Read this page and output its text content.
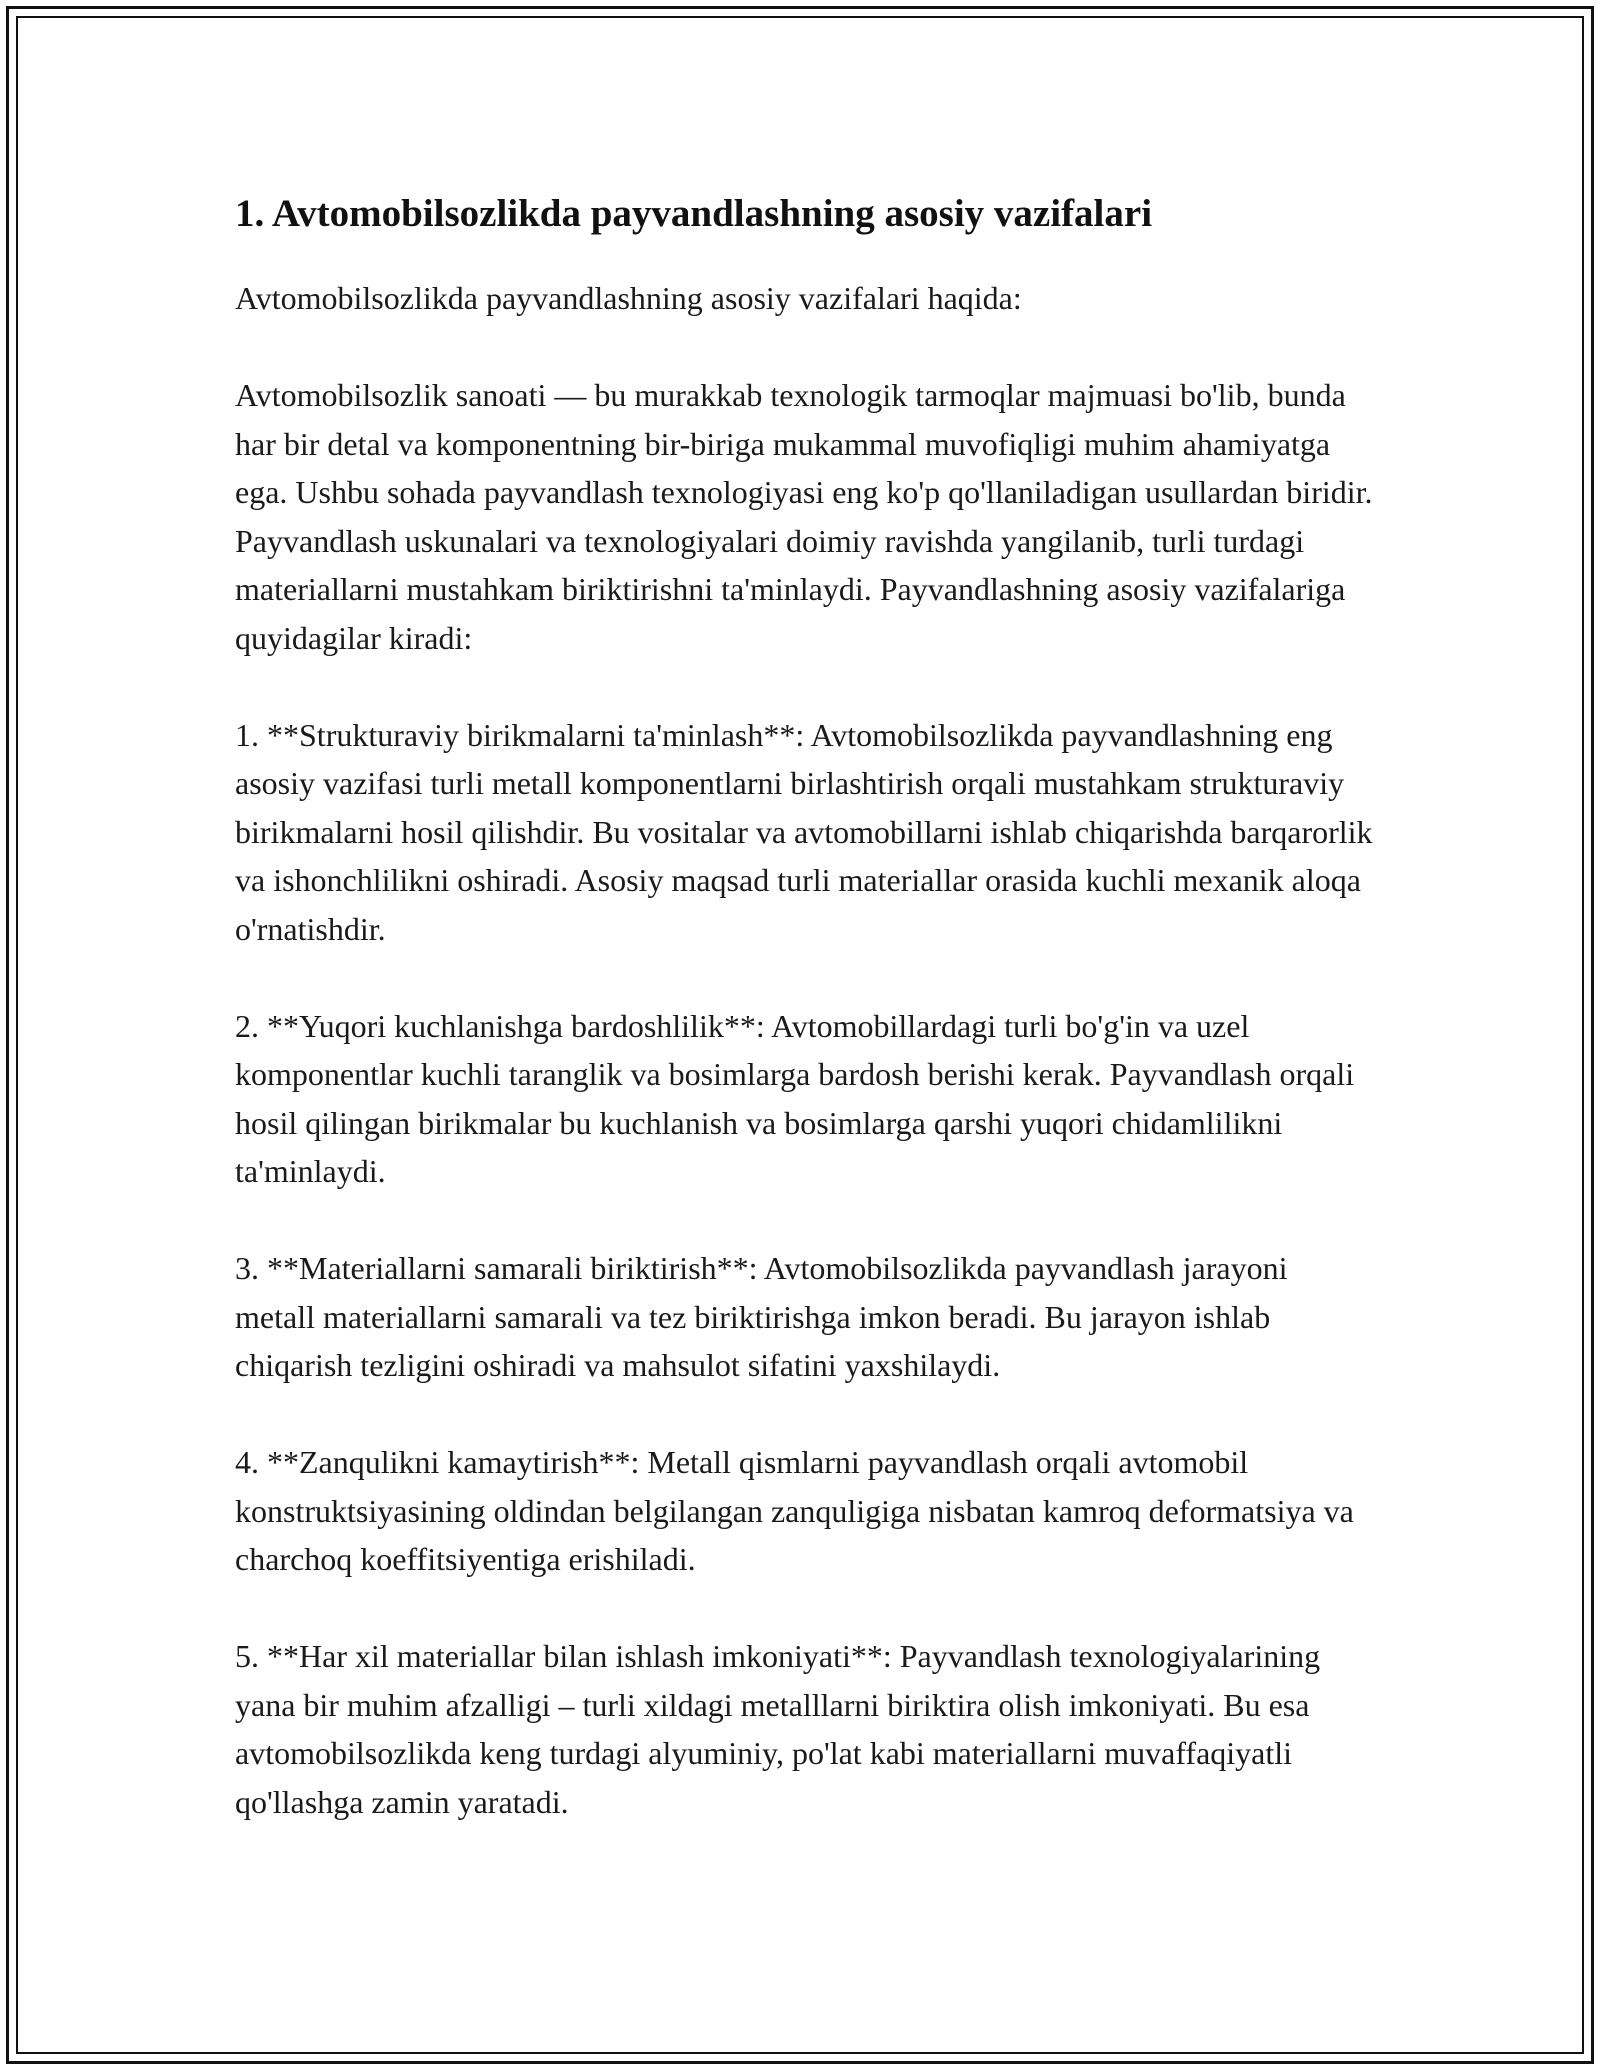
1. Avtomobilsozlikda payvandlashning asosiy vazifalari

Avtomobilsozlikda payvandlashning asosiy vazifalari haqida:

Avtomobilsozlik sanoati — bu murakkab texnologik tarmoqlar majmuasi bo'lib, bunda har bir detal va komponentning bir-biriga mukammal muvofiqligi muhim ahamiyatga ega. Ushbu sohada payvandlash texnologiyasi eng ko'p qo'llaniladigan usullardan biridir. Payvandlash uskunalari va texnologiyalari doimiy ravishda yangilanib, turli turdagi materiallarni mustahkam biriktirishni ta'minlaydi. Payvandlashning asosiy vazifalariga quyidagilar kiradi:

1. **Strukturaviy birikmalarni ta'minlash**: Avtomobilsozlikda payvandlashning eng asosiy vazifasi turli metall komponentlarni birlashtirish orqali mustahkam strukturaviy birikmalarni hosil qilishdir. Bu vositalar va avtomobillarni ishlab chiqarishda barqarorlik va ishonchlilikni oshiradi. Asosiy maqsad turli materiallar orasida kuchli mexanik aloqa o'rnatishdir.

2. **Yuqori kuchlanishga bardoshlilik**: Avtomobillardagi turli bo'g'in va uzel komponentlar kuchli taranglik va bosimlarga bardosh berishi kerak. Payvandlash orqali hosil qilingan birikmalar bu kuchlanish va bosimlarga qarshi yuqori chidamlilikni ta'minlaydi.

3. **Materiallarni samarali biriktirish**: Avtomobilsozlikda payvandlash jarayoni metall materiallarni samarali va tez biriktirishga imkon beradi. Bu jarayon ishlab chiqarish tezligini oshiradi va mahsulot sifatini yaxshilaydi.

4. **Zanqulikni kamaytirish**: Metall qismlarni payvandlash orqali avtomobil konstruktsiyasining oldindan belgilangan zanquligiga nisbatan kamroq deformatsiya va charchoq koeffitsiyentiga erishiladi.

5. **Har xil materiallar bilan ishlash imkoniyati**: Payvandlash texnologiyalarining yana bir muhim afzalligi – turli xildagi metalllarni biriktira olish imkoniyati. Bu esa avtomobilsozlikda keng turdagi alyuminiy, po'lat kabi materiallarni muvaffaqiyatli qo'llashga zamin yaratadi.
